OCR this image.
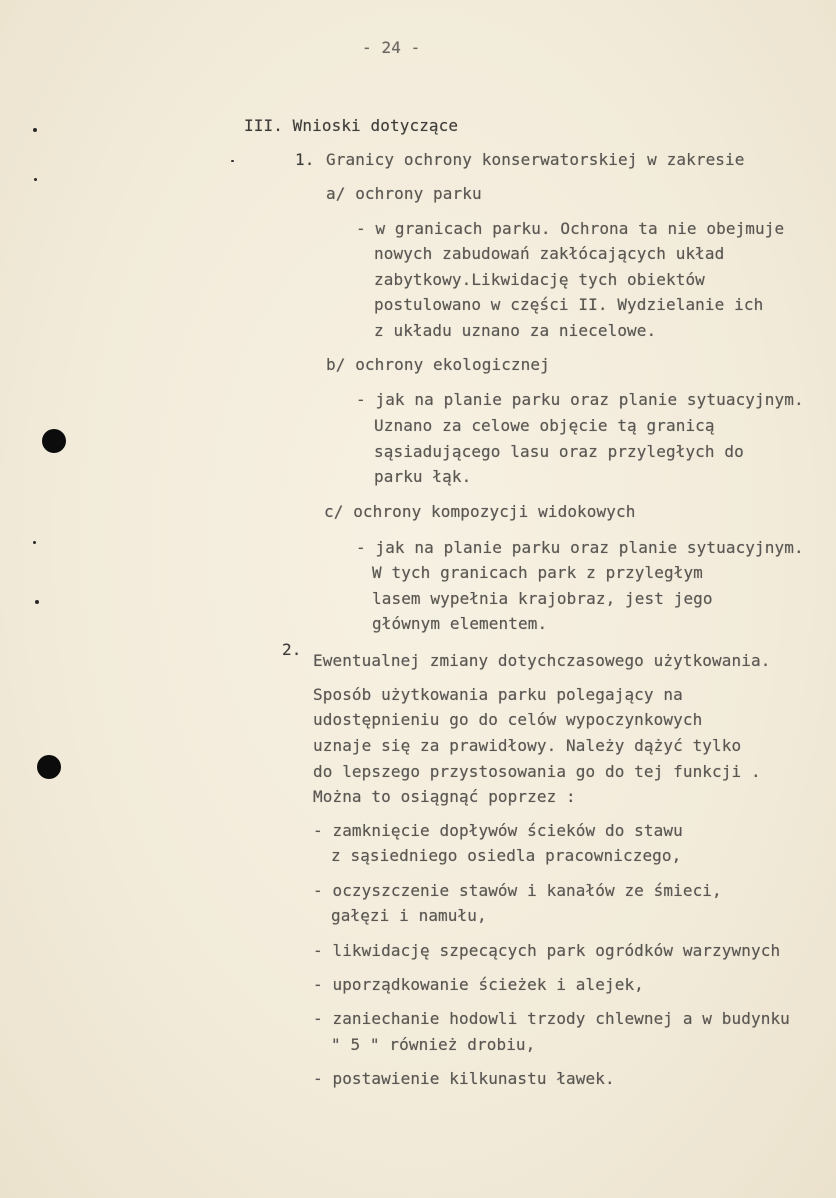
- 24 -
III. Wnioski dotyczące
1. Granicy ochrony konserwatorskiej w zakresie
a/ ochrony parku
- w granicach parku. Ochrona ta nie obejmuje
nowych zabudowań zakłócających układ
zabytkowy.Likwidację tych obiektów
postulowano w części II. Wydzielanie ich
z układu uznano za niecelowe.
b/ ochrony ekologicznej
- jak na planie parku oraz planie sytuacyjnym.
Uznano za celowe objęcie tą granicą
sąsiadującego lasu oraz przyległych do
parku łąk.
c/ ochrony kompozycji widokowych
- jak na planie parku oraz planie sytuacyjnym.
W tych granicach park z przyległym
lasem wypełnia krajobraz, jest jego
głównym elementem.
2.
Ewentualnej zmiany dotychczasowego użytkowania.
Sposób użytkowania parku polegający na
udostępnieniu go do celów wypoczynkowych
uznaje się za prawidłowy. Należy dążyć tylko
do lepszego przystosowania go do tej funkcji .
Można to osiągnąć poprzez :
- zamknięcie dopływów ścieków do stawu
z sąsiedniego osiedla pracowniczego,
- oczyszczenie stawów i kanałów ze śmieci,
gałęzi i namułu,
- likwidację szpecących park ogródków warzywnych
- uporządkowanie ścieżek i alejek,
- zaniechanie hodowli trzody chlewnej a w budynku
" 5 " również drobiu,
- postawienie kilkunastu ławek.
